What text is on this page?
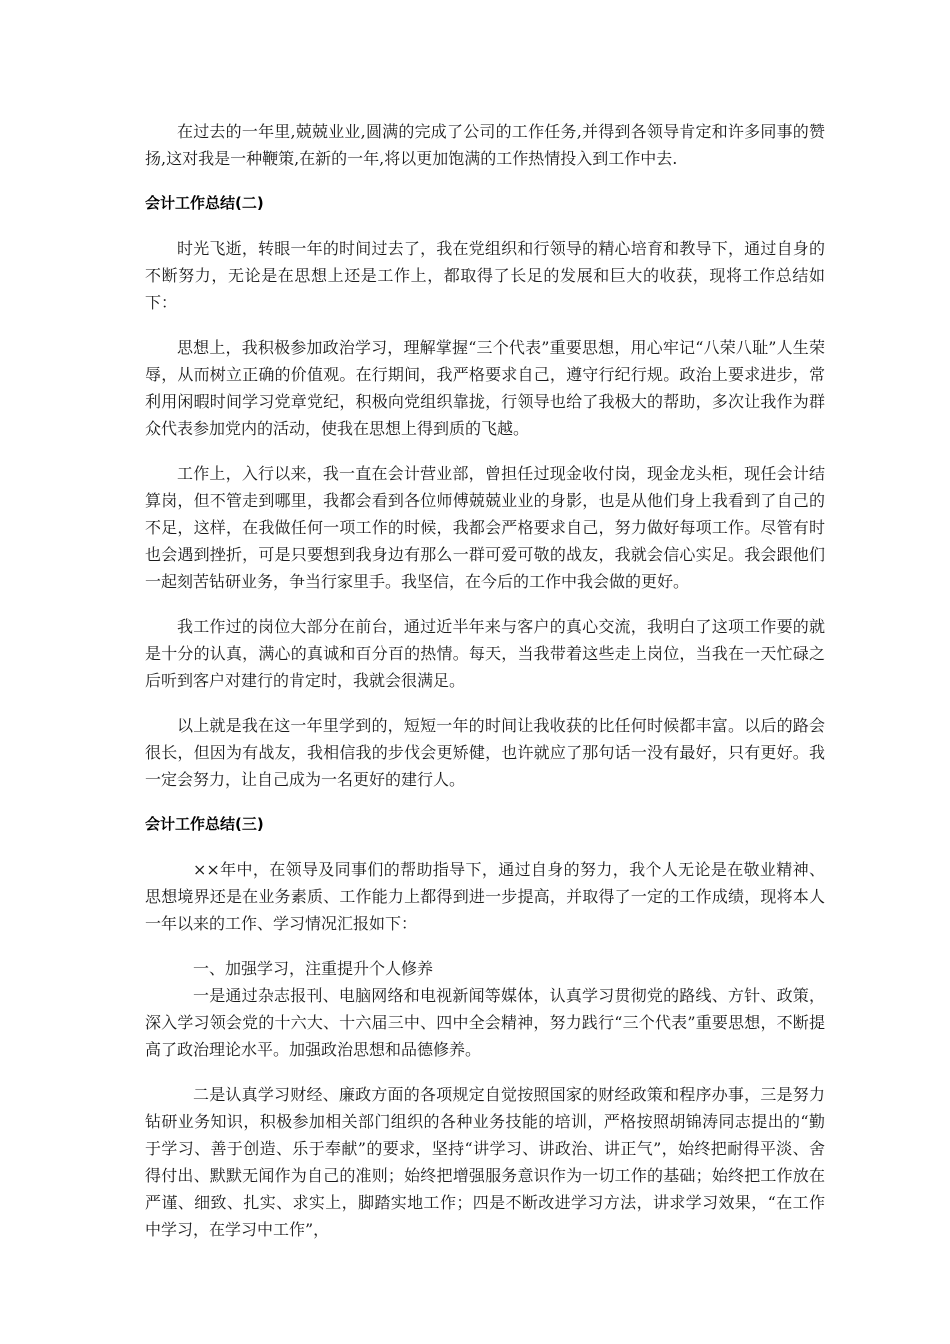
在过去的一年里,兢兢业业,圆满的完成了公司的工作任务,并得到各领导肯定和许多同事的赞扬,这对我是一种鞭策,在新的一年,将以更加饱满的工作热情投入到工作中去.

会计工作总结(二)

时光飞逝，转眼一年的时间过去了，我在党组织和行领导的精心培育和教导下，通过自身的不断努力，无论是在思想上还是工作上，都取得了长足的发展和巨大的收获，现将工作总结如下：

思想上，我积极参加政治学习，理解掌握“三个代表”重要思想，用心牢记“八荣八耻”人生荣辱，从而树立正确的价值观。在行期间，我严格要求自己，遵守行纪行规。政治上要求进步，常利用闲暇时间学习党章党纪，积极向党组织靠拢，行领导也给了我极大的帮助，多次让我作为群众代表参加党内的活动，使我在思想上得到质的飞越。

工作上，入行以来，我一直在会计营业部，曾担任过现金收付岗，现金龙头柜，现任会计结算岗，但不管走到哪里，我都会看到各位师傅兢兢业业的身影，也是从他们身上我看到了自己的不足，这样，在我做任何一项工作的时候，我都会严格要求自己，努力做好每项工作。尽管有时也会遇到挫折，可是只要想到我身边有那么一群可爱可敬的战友，我就会信心实足。我会跟他们一起刻苦钻研业务，争当行家里手。我坚信，在今后的工作中我会做的更好。

我工作过的岗位大部分在前台，通过近半年来与客户的真心交流，我明白了这项工作要的就是十分的认真，满心的真诚和百分百的热情。每天，当我带着这些走上岗位，当我在一天忙碌之后听到客户对建行的肯定时，我就会很满足。

以上就是我在这一年里学到的，短短一年的时间让我收获的比任何时候都丰富。以后的路会很长，但因为有战友，我相信我的步伐会更矫健，也许就应了那句话一没有最好，只有更好。我一定会努力，让自己成为一名更好的建行人。

会计工作总结(三)

××年中，在领导及同事们的帮助指导下，通过自身的努力，我个人无论是在敬业精神、思想境界还是在业务素质、工作能力上都得到进一步提高，并取得了一定的工作成绩，现将本人一年以来的工作、学习情况汇报如下：

一、加强学习，注重提升个人修养

一是通过杂志报刊、电脑网络和电视新闻等媒体，认真学习贯彻党的路线、方针、政策，深入学习领会党的十六大、十六届三中、四中全会精神，努力践行“三个代表”重要思想，不断提高了政治理论水平。加强政治思想和品德修养。

二是认真学习财经、廉政方面的各项规定自觉按照国家的财经政策和程序办事，三是努力钻研业务知识，积极参加相关部门组织的各种业务技能的培训，严格按照胡锦涛同志提出的“勤于学习、善于创造、乐于奉献”的要求，坚持“讲学习、讲政治、讲正气”，始终把耐得平淡、舍得付出、默默无闻作为自己的准则；始终把增强服务意识作为一切工作的基础；始终把工作放在严谨、细致、扎实、求实上，脚踏实地工作；四是不断改进学习方法，讲求学习效果，“在工作中学习，在学习中工作”，
